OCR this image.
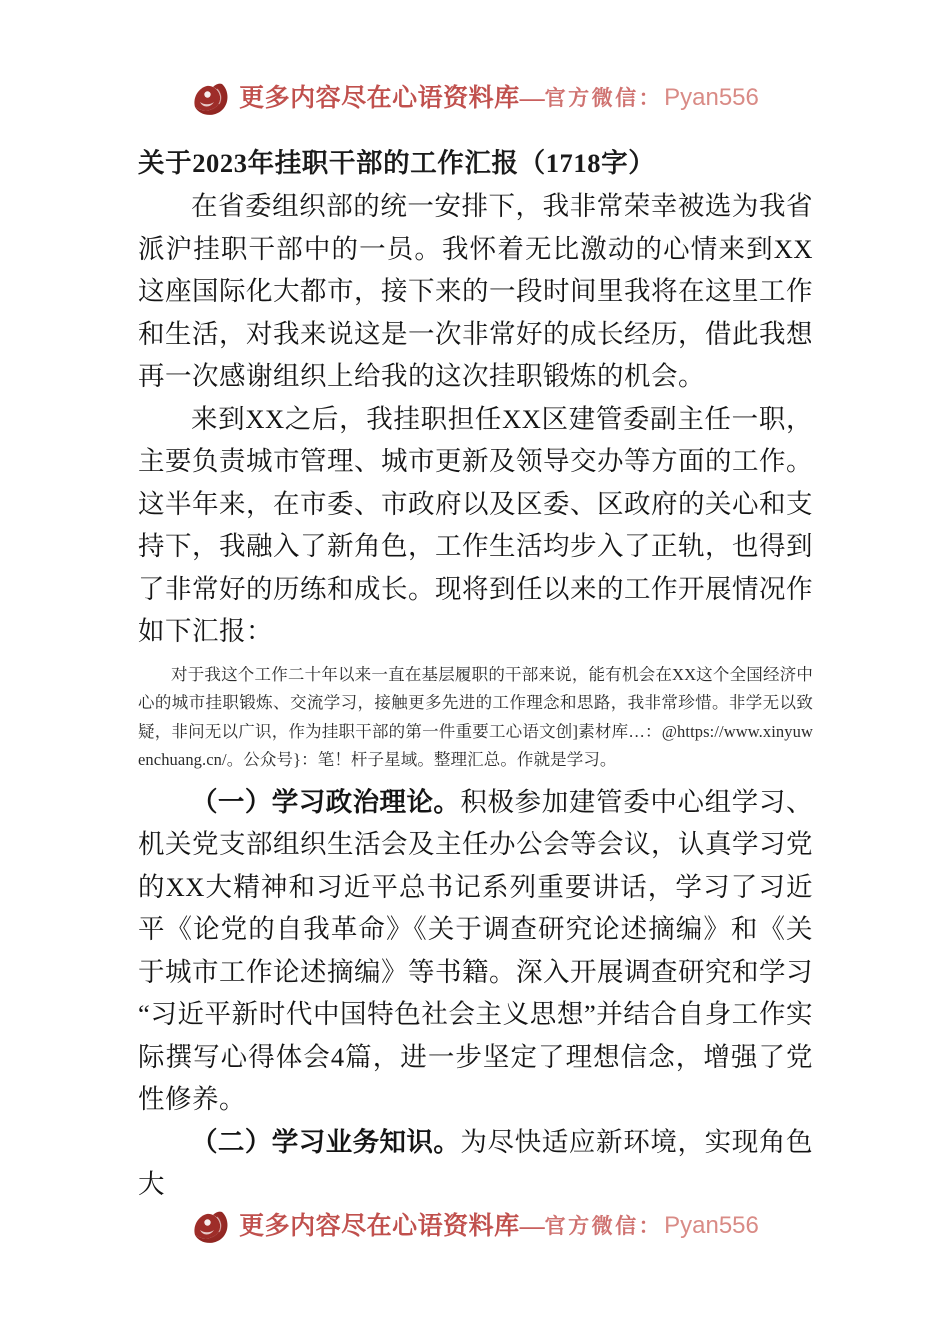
更多内容尽在心语资料库 — 官方微信： Pyan556
关于2023年挂职干部的工作汇报（1718字）

在省委组织部的统一安排下，我非常荣幸被选为我省派沪挂职干部中的一员。我怀着无比激动的心情来到XX这座国际化大都市，接下来的一段时间里我将在这里工作和生活，对我来说这是一次非常好的成长经历，借此我想再一次感谢组织上给我的这次挂职锻炼的机会。

来到XX之后，我挂职担任XX区建管委副主任一职，主要负责城市管理、城市更新及领导交办等方面的工作。这半年来，在市委、市政府以及区委、区政府的关心和支持下，我融入了新角色，工作生活均步入了正轨，也得到了非常好的历练和成长。现将到任以来的工作开展情况作如下汇报：

对于我这个工作二十年以来一直在基层履职的干部来说，能有机会在XX这个全国经济中心的城市挂职锻炼、交流学习，接触更多先进的工作理念和思路，我非常珍惜。非学无以致疑，非问无以广识，作为挂职干部的第一件重要工心语文创]素材库…：@https://www.xinyuwenchuang.cn/。公众号}：笔！杆子星域。整理汇总。作就是学习。

（一）学习政治理论。积极参加建管委中心组学习、机关党支部组织生活会及主任办公会等会议，认真学习党的XX大精神和习近平总书记系列重要讲话，学习了习近平《论党的自我革命》《关于调查研究论述摘编》和《关于城市工作论述摘编》等书籍。深入开展调查研究和学习“习近平新时代中国特色社会主义思想”并结合自身工作实际撰写心得体会4篇，进一步坚定了理想信念，增强了党性修养。

（二）学习业务知识。为尽快适应新环境，实现角色大

更多内容尽在心语资料库 — 官方微信： Pyan556
